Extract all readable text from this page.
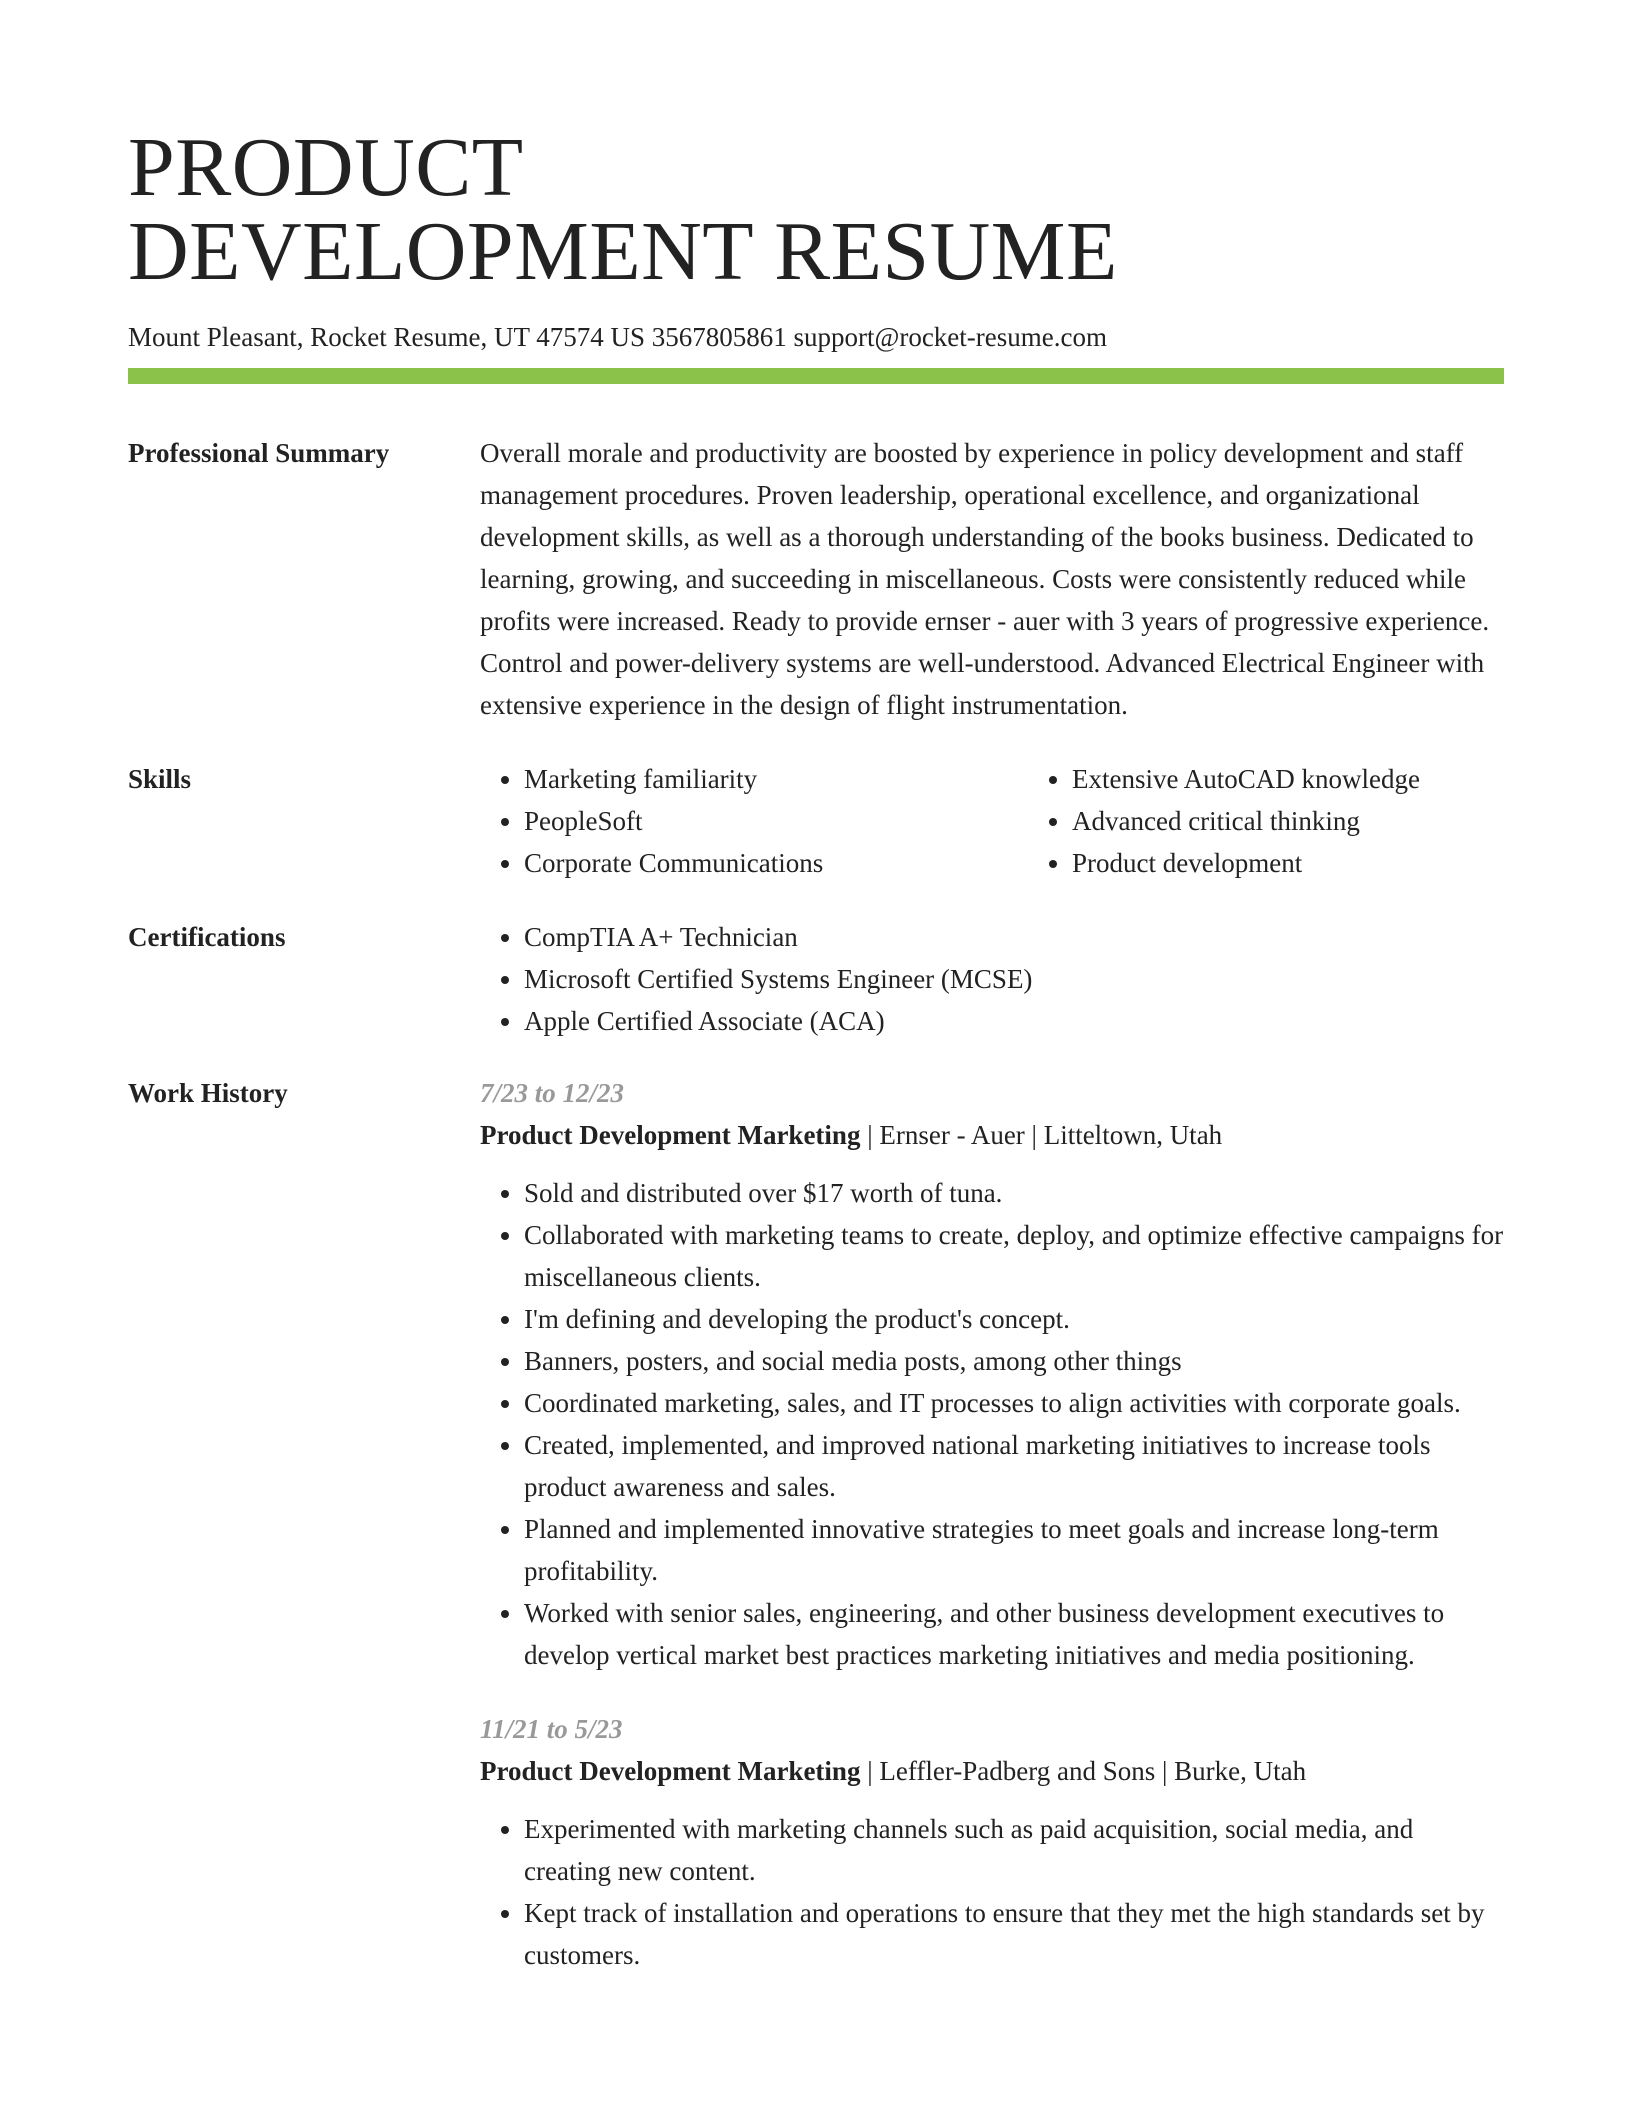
PRODUCT
DEVELOPMENT RESUME
Mount Pleasant, Rocket Resume, UT 47574 US 3567805861 support@rocket-resume.com
Professional Summary	Overall morale and productivity are boosted by experience in policy development and staff management procedures. Proven leadership, operational excellence, and organizational development skills, as well as a thorough understanding of the books business. Dedicated to learning, growing, and succeeding in miscellaneous. Costs were consistently reduced while profits were increased. Ready to provide ernser - auer with 3 years of progressive experience. Control and power-delivery systems are well-understood. Advanced Electrical Engineer with extensive experience in the design of flight instrumentation.
Skills	• Marketing familiarity
• PeopleSoft
• Corporate Communications
• Extensive AutoCAD knowledge
• Advanced critical thinking
• Product development
Certifications	• CompTIA A+ Technician
• Microsoft Certified Systems Engineer (MCSE)
• Apple Certified Associate (ACA)
Work History	7/23 to 12/23
Product Development Marketing | Ernser - Auer | Litteltown, Utah
• Sold and distributed over $17 worth of tuna.
• Collaborated with marketing teams to create, deploy, and optimize effective campaigns for miscellaneous clients.
• I'm defining and developing the product's concept.
• Banners, posters, and social media posts, among other things
• Coordinated marketing, sales, and IT processes to align activities with corporate goals.
• Created, implemented, and improved national marketing initiatives to increase tools product awareness and sales.
• Planned and implemented innovative strategies to meet goals and increase long-term profitability.
• Worked with senior sales, engineering, and other business development executives to develop vertical market best practices marketing initiatives and media positioning.
11/21 to 5/23
Product Development Marketing | Leffler-Padberg and Sons | Burke, Utah
• Experimented with marketing channels such as paid acquisition, social media, and creating new content.
• Kept track of installation and operations to ensure that they met the high standards set by customers.
